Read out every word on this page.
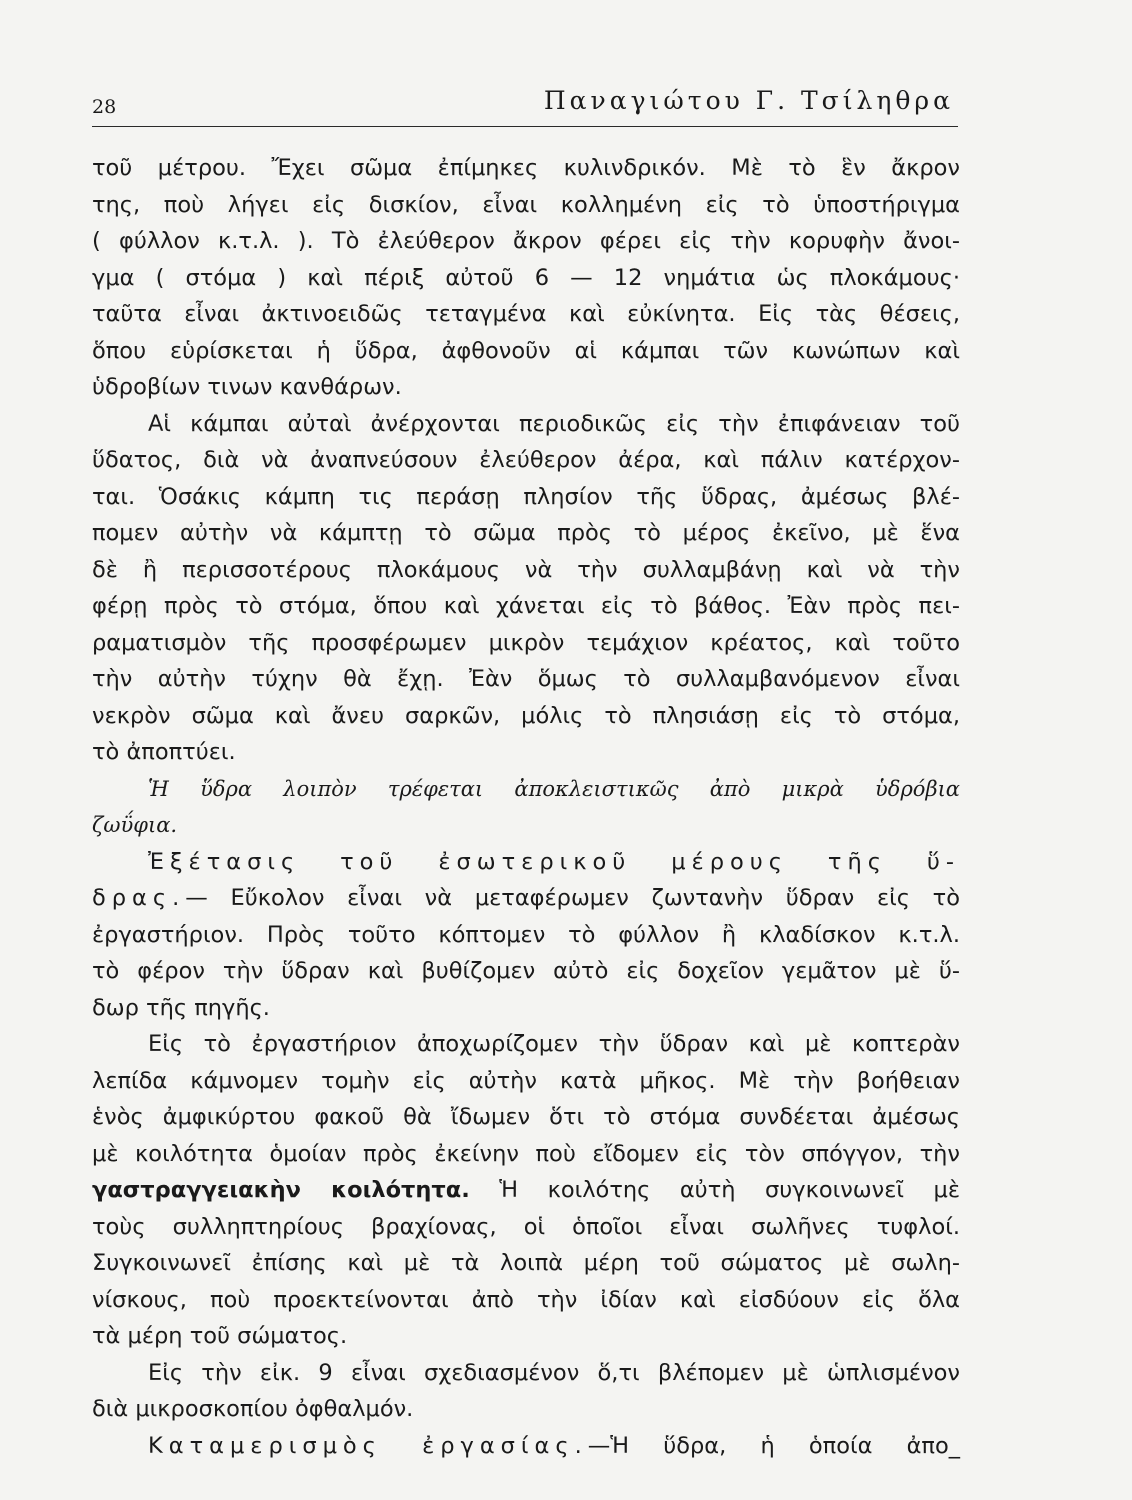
28	Παναγιώτου Γ. Τσίληθρα
τοῦ μέτρου. Ἔχει σῶμα ἐπίμηκες κυλινδρικόν. Μὲ τὸ ἓν ἄκρον
της, ποὺ λήγει εἰς δισκίον, εἶναι κολλημένη εἰς τὸ ὑποστήριγμα
( φύλλον κ.τ.λ. ). Τὸ ἐλεύθερον ἄκρον φέρει εἰς τὴν κορυφὴν ἄνοι-
γμα ( στόμα ) καὶ πέριξ αὐτοῦ 6 — 12 νημάτια ὡς πλοκάμους·
ταῦτα εἶναι ἀκτινοειδῶς τεταγμένα καὶ εὐκίνητα. Εἰς τὰς θέσεις,
ὅπου εὑρίσκεται ἡ ὕδρα, ἀφθονοῦν αἱ κάμπαι τῶν κωνώπων καὶ
ὑδροβίων τινων κανθάρων.
Αἱ κάμπαι αὐταὶ ἀνέρχονται περιοδικῶς εἰς τὴν ἐπιφάνειαν τοῦ
ὕδατος, διὰ νὰ ἀναπνεύσουν ἐλεύθερον ἀέρα, καὶ πάλιν κατέρχον-
ται. Ὁσάκις κάμπη τις περάσῃ πλησίον τῆς ὕδρας, ἀμέσως βλέ-
πομεν αὐτὴν νὰ κάμπτῃ τὸ σῶμα πρὸς τὸ μέρος ἐκεῖνο, μὲ ἕνα
δὲ ἢ περισσοτέρους πλοκάμους νὰ τὴν συλλαμβάνῃ καὶ νὰ τὴν
φέρῃ πρὸς τὸ στόμα, ὅπου καὶ χάνεται εἰς τὸ βάθος. Ἐὰν πρὸς πει-
ραματισμὸν τῆς προσφέρωμεν μικρὸν τεμάχιον κρέατος, καὶ τοῦτο
τὴν αὐτὴν τύχην θὰ ἔχῃ. Ἐὰν ὅμως τὸ συλλαμβανόμενον εἶναι
νεκρὸν σῶμα καὶ ἄνευ σαρκῶν, μόλις τὸ πλησιάσῃ εἰς τὸ στόμα,
τὸ ἀποπτύει.
Ἡ ὕδρα λοιπὸν τρέφεται ἀποκλειστικῶς ἀπὸ μικρὰ ὑδρόβια
ζωΰφια.
Ἐξέτασις τοῦ ἐσωτερικοῦ μέρους τῆς ὕ-
δρας.— Εὔκολον εἶναι νὰ μεταφέρωμεν ζωντανὴν ὕδραν εἰς τὸ
ἐργαστήριον. Πρὸς τοῦτο κόπτομεν τὸ φύλλον ἢ κλαδίσκον κ.τ.λ.
τὸ φέρον τὴν ὕδραν καὶ βυθίζομεν αὐτὸ εἰς δοχεῖον γεμᾶτον μὲ ὕ-
δωρ τῆς πηγῆς.
Εἰς τὸ ἐργαστήριον ἀποχωρίζομεν τὴν ὕδραν καὶ μὲ κοπτερὰν
λεπίδα κάμνομεν τομὴν εἰς αὐτὴν κατὰ μῆκος. Μὲ τὴν βοήθειαν
ἑνὸς ἀμφικύρτου φακοῦ θὰ ἴδωμεν ὅτι τὸ στόμα συνδέεται ἀμέσως
μὲ κοιλότητα ὁμοίαν πρὸς ἐκείνην ποὺ εἴδομεν εἰς τὸν σπόγγον, τὴν
γαστραγγειακὴν κοιλότητα. Ἡ κοιλότης αὐτὴ συγκοινωνεῖ μὲ
τοὺς συλληπτηρίους βραχίονας, οἱ ὁποῖοι εἶναι σωλῆνες τυφλοί.
Συγκοινωνεῖ ἐπίσης καὶ μὲ τὰ λοιπὰ μέρη τοῦ σώματος μὲ σωλη-
νίσκους, ποὺ προεκτείνονται ἀπὸ τὴν ἰδίαν καὶ εἰσδύουν εἰς ὅλα
τὰ μέρη τοῦ σώματος.
Εἰς τὴν εἰκ. 9 εἶναι σχεδιασμένον ὅ,τι βλέπομεν μὲ ὡπλισμένον
διὰ μικροσκοπίου ὀφθαλμόν.
Καταμερισμὸς ἐργασίας.—Ἡ ὕδρα, ἡ ὁποία ἀπο_
